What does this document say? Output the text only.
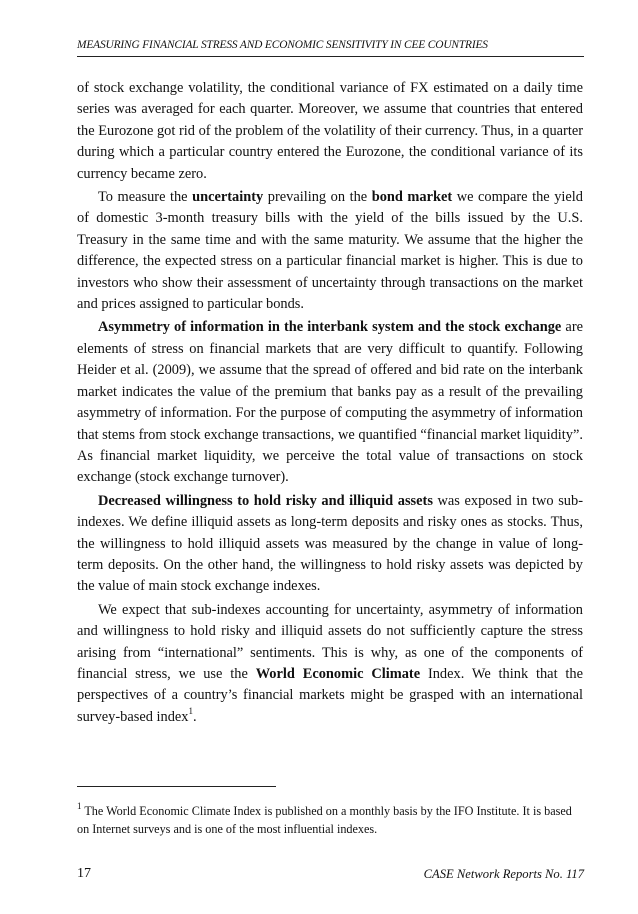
MEASURING FINANCIAL STRESS AND ECONOMIC SENSITIVITY IN CEE COUNTRIES

of stock exchange volatility, the conditional variance of FX estimated on a daily time series was averaged for each quarter. Moreover, we assume that countries that entered the Eurozone got rid of the problem of the volatility of their currency. Thus, in a quarter during which a particular country entered the Eurozone, the conditional variance of its currency became zero.

To measure the uncertainty prevailing on the bond market we compare the yield of domestic 3-month treasury bills with the yield of the bills issued by the U.S. Treasury in the same time and with the same maturity. We assume that the higher the difference, the expected stress on a particular financial market is higher. This is due to investors who show their assessment of uncertainty through transactions on the market and prices assigned to particular bonds.

Asymmetry of information in the interbank system and the stock exchange are elements of stress on financial markets that are very difficult to quantify. Following Heider et al. (2009), we assume that the spread of offered and bid rate on the interbank market indicates the value of the premium that banks pay as a result of the prevailing asymmetry of information. For the purpose of computing the asymmetry of information that stems from stock exchange transactions, we quantified “financial market liquidity”. As financial market liquidity, we perceive the total value of transactions on stock exchange (stock exchange turnover).

Decreased willingness to hold risky and illiquid assets was exposed in two sub-indexes. We define illiquid assets as long-term deposits and risky ones as stocks. Thus, the willingness to hold illiquid assets was measured by the change in value of long-term deposits. On the other hand, the willingness to hold risky assets was depicted by the value of main stock exchange indexes.

We expect that sub-indexes accounting for uncertainty, asymmetry of information and willingness to hold risky and illiquid assets do not sufficiently capture the stress arising from “international” sentiments. This is why, as one of the components of financial stress, we use the World Economic Climate Index. We think that the perspectives of a country’s financial markets might be grasped with an international survey-based index$^1$.

$^1$ The World Economic Climate Index is published on a monthly basis by the IFO Institute. It is based on Internet surveys and is one of the most influential indexes.
17	CASE Network Reports No. 117
